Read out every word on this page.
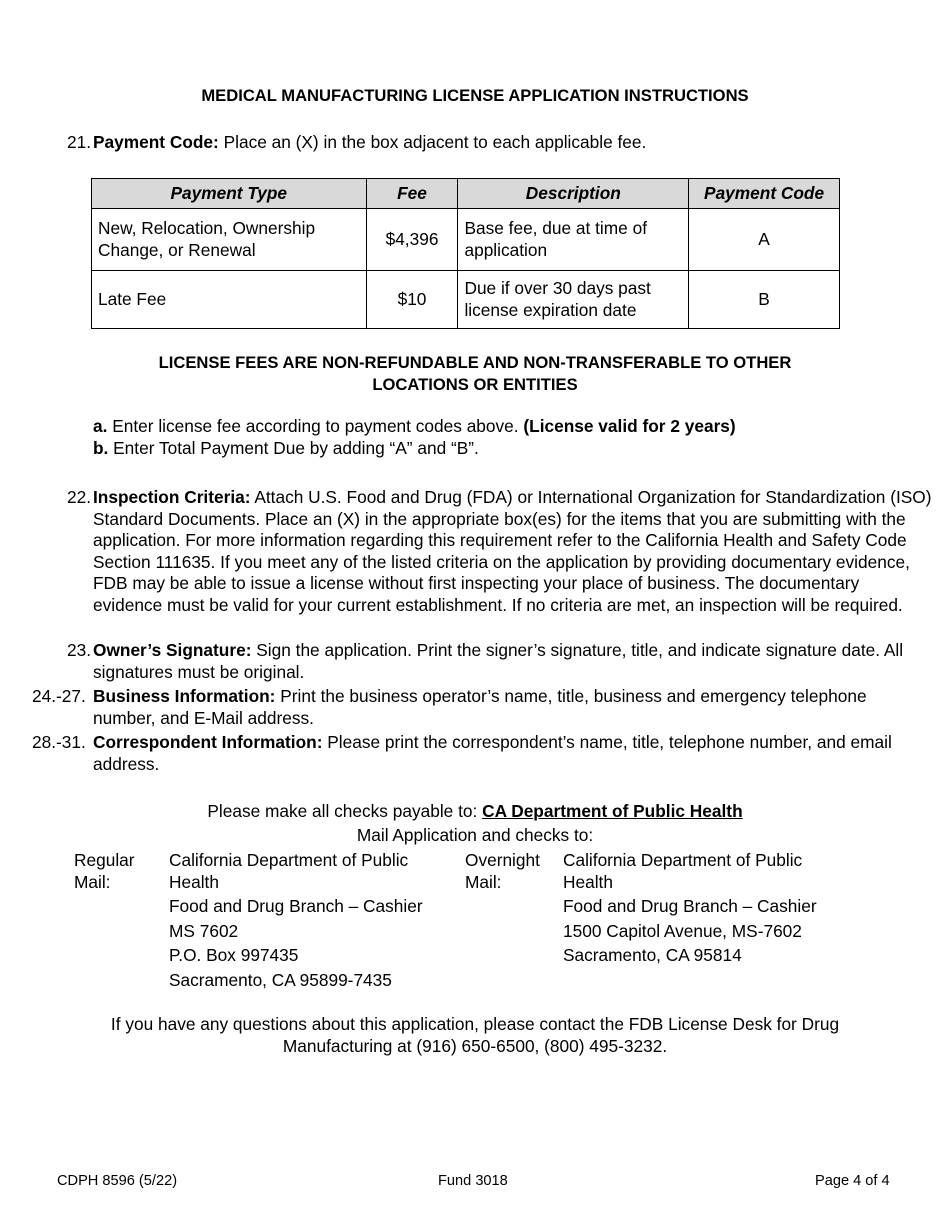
MEDICAL MANUFACTURING LICENSE APPLICATION INSTRUCTIONS
21. Payment Code: Place an (X) in the box adjacent to each applicable fee.
Payment Type	Fee	Description	Payment Code
New, Relocation, Ownership Change, or Renewal	$4,396	Base fee, due at time of application	A
Late Fee	$10	Due if over 30 days past license expiration date	B
LICENSE FEES ARE NON-REFUNDABLE AND NON-TRANSFERABLE TO OTHER
LOCATIONS OR ENTITIES
a. Enter license fee according to payment codes above. (License valid for 2 years)
b. Enter Total Payment Due by adding “A” and “B”.
22. Inspection Criteria: Attach U.S. Food and Drug (FDA) or International Organization for Standardization (ISO) Standard Documents. Place an (X) in the appropriate box(es) for the items that you are submitting with the application. For more information regarding this requirement refer to the California Health and Safety Code Section 111635. If you meet any of the listed criteria on the application by providing documentary evidence, FDB may be able to issue a license without first inspecting your place of business. The documentary evidence must be valid for your current establishment. If no criteria are met, an inspection will be required.
23. Owner’s Signature: Sign the application. Print the signer’s signature, title, and indicate signature date. All signatures must be original.
24.-27. Business Information: Print the business operator’s name, title, business and emergency telephone number, and E-Mail address.
28.-31. Correspondent Information: Please print the correspondent’s name, title, telephone number, and email address.
Please make all checks payable to: CA Department of Public Health
Mail Application and checks to:
Regular
Mail:
California Department of Public
Health
Food and Drug Branch – Cashier
MS 7602
P.O. Box 997435
Sacramento, CA 95899-7435
Overnight
Mail:
California Department of Public
Health
Food and Drug Branch – Cashier
1500 Capitol Avenue, MS-7602
Sacramento, CA 95814
If you have any questions about this application, please contact the FDB License Desk for Drug
Manufacturing at (916) 650-6500, (800) 495-3232.
CDPH 8596 (5/22)	Fund 3018	Page 4 of 4
